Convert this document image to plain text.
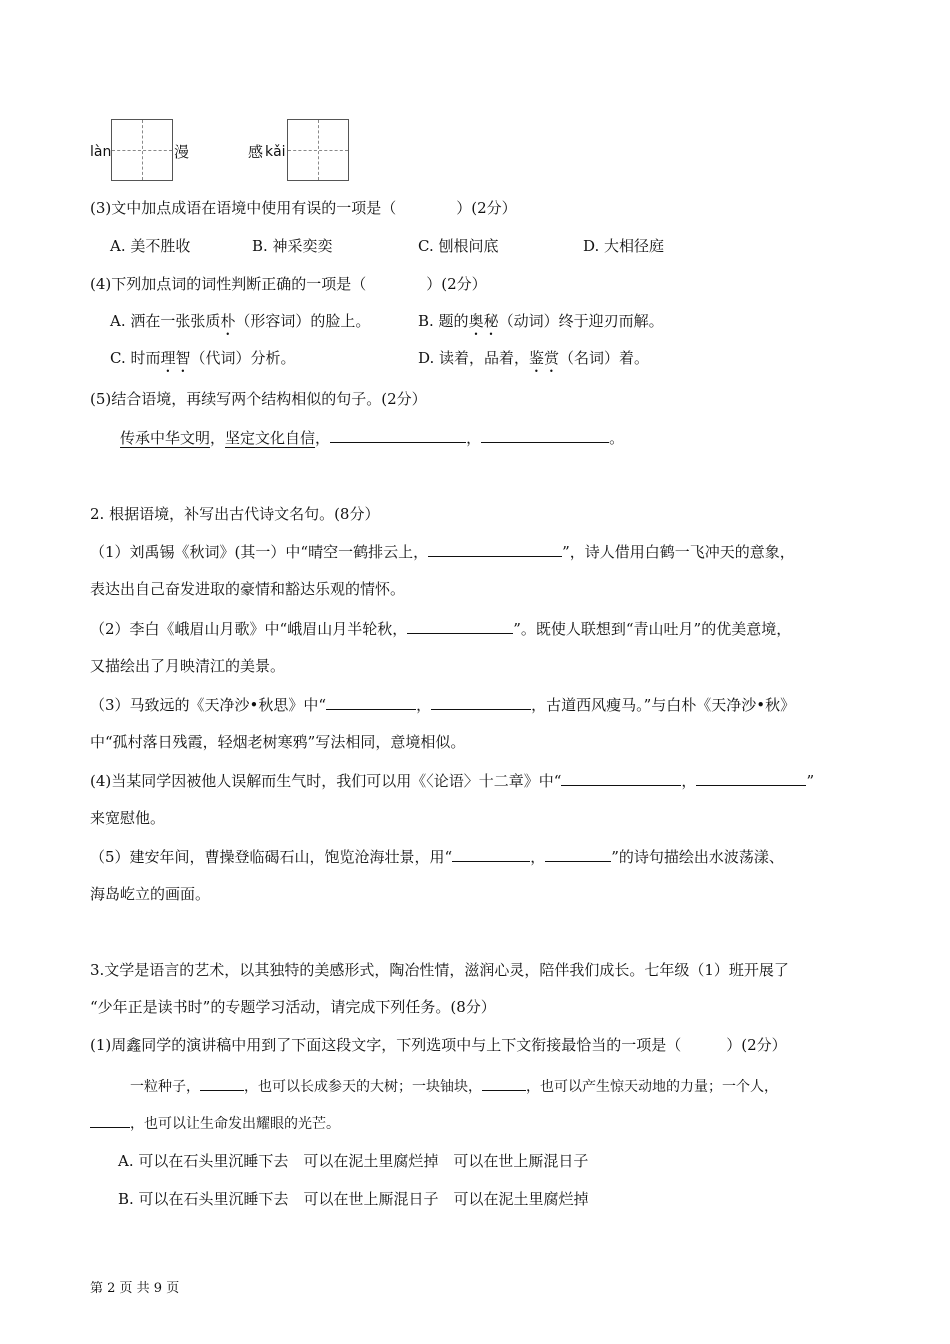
làn	漫	感 kǎi
(3)文中加点成语在语境中使用有误的一项是（　　　　）(2分）
A. 美不胜收	B. 神采奕奕	C. 刨根问底	D. 大相径庭
(4)下列加点词的词性判断正确的一项是（　　　　）(2分）
A. 洒在一张张质朴（形容词）的脸上。	B. 题的奥秘（动词）终于迎刃而解。
C. 时而理智（代词）分析。	D. 读着，品着，鉴赏（名词）着。
(5)结合语境，再续写两个结构相似的句子。(2分）
传承中华文明，坚定文化自信，	，	。
2. 根据语境，补写出古代诗文名句。(8分）
（1）刘禹锡《秋词》(其一）中“晴空一鹤排云上，	”，诗人借用白鹤一飞冲天的意象，
表达出自己奋发进取的豪情和豁达乐观的情怀。
（2）李白《峨眉山月歌》中“峨眉山月半轮秋，	”。既使人联想到“青山吐月”的优美意境，
又描绘出了月映清江的美景。
（3）马致远的《天净沙•秋思》中“	，	，古道西风瘦马。”与白朴《天净沙•秋》
中“孤村落日残霞，轻烟老树寒鸦”写法相同，意境相似。
(4)当某同学因被他人误解而生气时，我们可以用《〈论语〉十二章》中“	，	”
来宽慰他。
（5）建安年间，曹操登临碣石山，饱览沧海壮景，用“	，	”的诗句描绘出水波荡漾、
海岛屹立的画面。
3.文学是语言的艺术，以其独特的美感形式，陶冶性情，滋润心灵，陪伴我们成长。七年级（1）班开展了
“少年正是读书时”的专题学习活动，请完成下列任务。(8分）
(1)周鑫同学的演讲稿中用到了下面这段文字，下列选项中与上下文衔接最恰当的一项是（　　　）(2分）
一粒种子，	，也可以长成参天的大树；一块铀块，	，也可以产生惊天动地的力量；一个人，
，也可以让生命发出耀眼的光芒。
A. 可以在石头里沉睡下去　可以在泥土里腐烂掉　可以在世上厮混日子
B. 可以在石头里沉睡下去　可以在世上厮混日子　可以在泥土里腐烂掉
第 2 页 共 9 页
